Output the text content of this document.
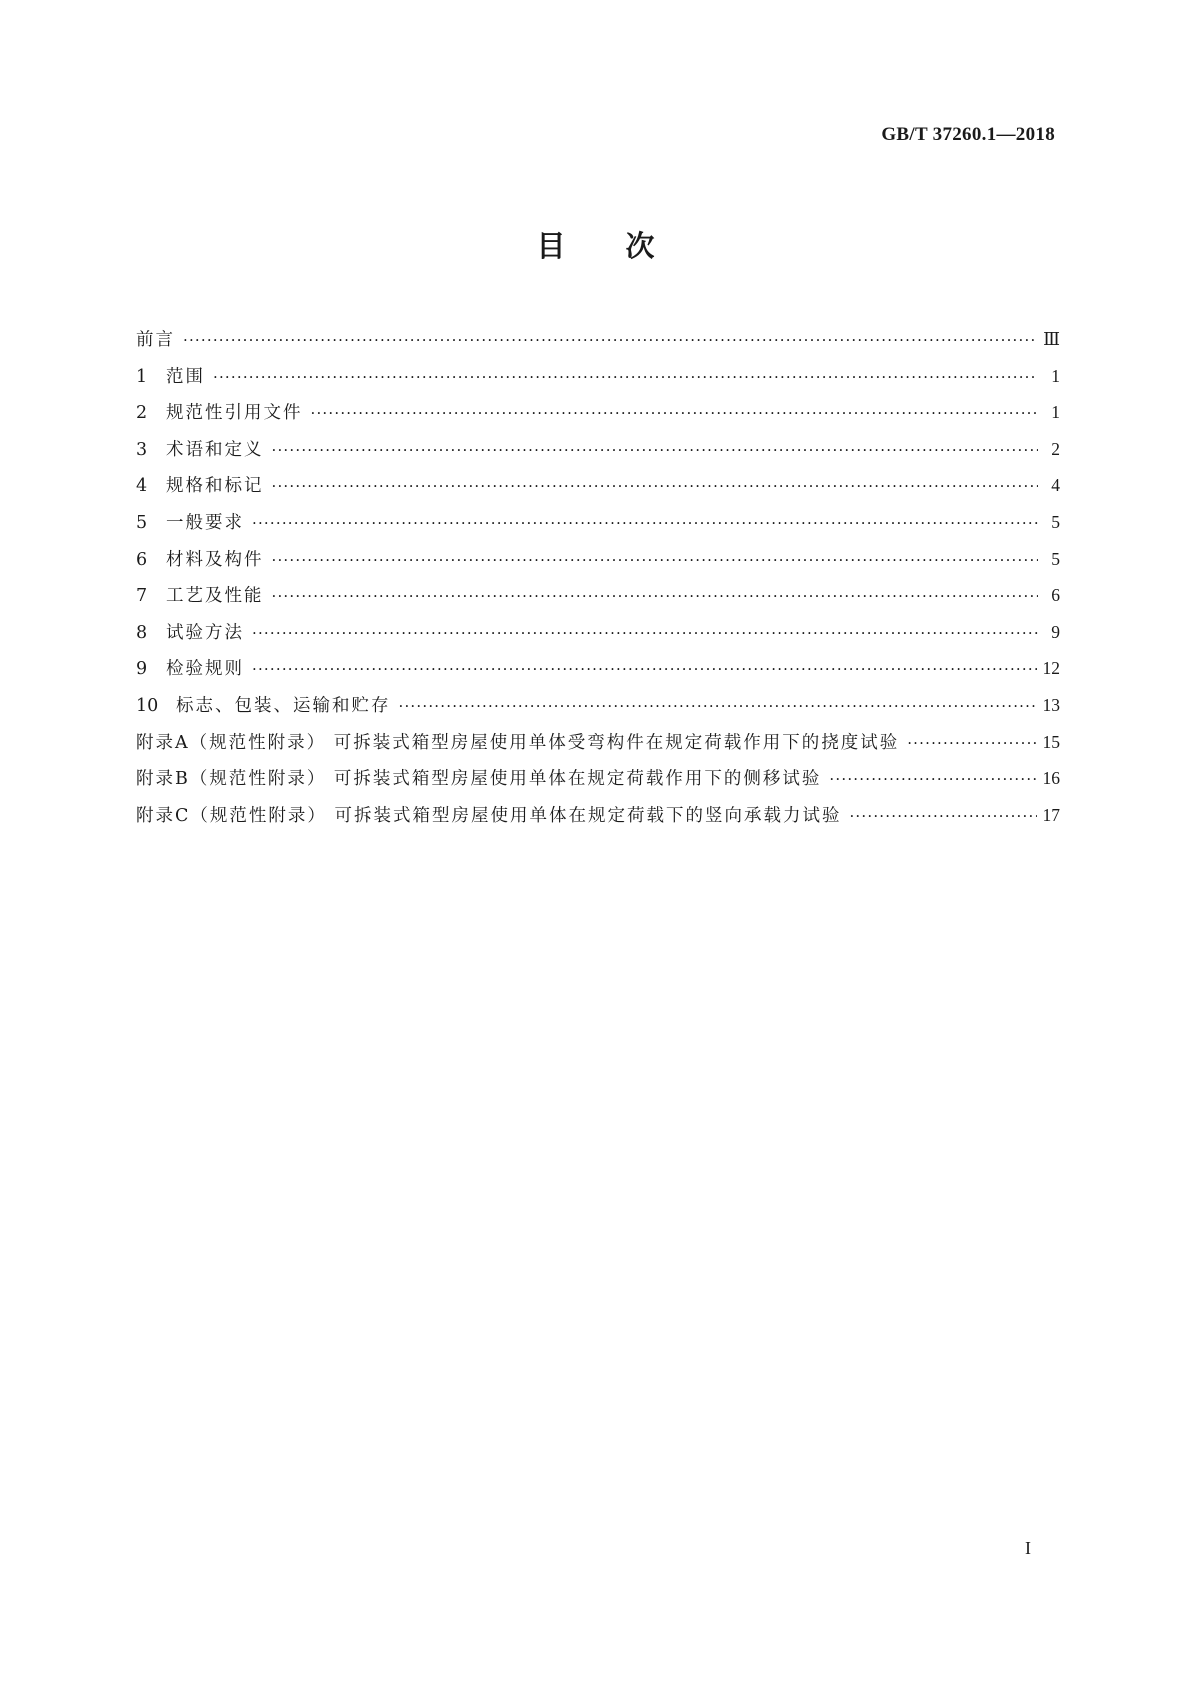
GB/T 37260.1—2018
目次
前言 ·····	Ⅲ
1	范围 ·····	1
2	规范性引用文件 ·····	1
3	术语和定义 ·····	2
4	规格和标记 ·····	4
5	一般要求 ·····	5
6	材料及构件 ·····	5
7	工艺及性能 ·····	6
8	试验方法 ·····	9
9	检验规则 ·····	12
10	标志、包装、运输和贮存 ·····	13
附录A（规范性附录） 可拆装式箱型房屋使用单体受弯构件在规定荷载作用下的挠度试验 ·····	15
附录B（规范性附录） 可拆装式箱型房屋使用单体在规定荷载作用下的侧移试验 ·····	16
附录C（规范性附录） 可拆装式箱型房屋使用单体在规定荷载下的竖向承载力试验 ·····	17
I
